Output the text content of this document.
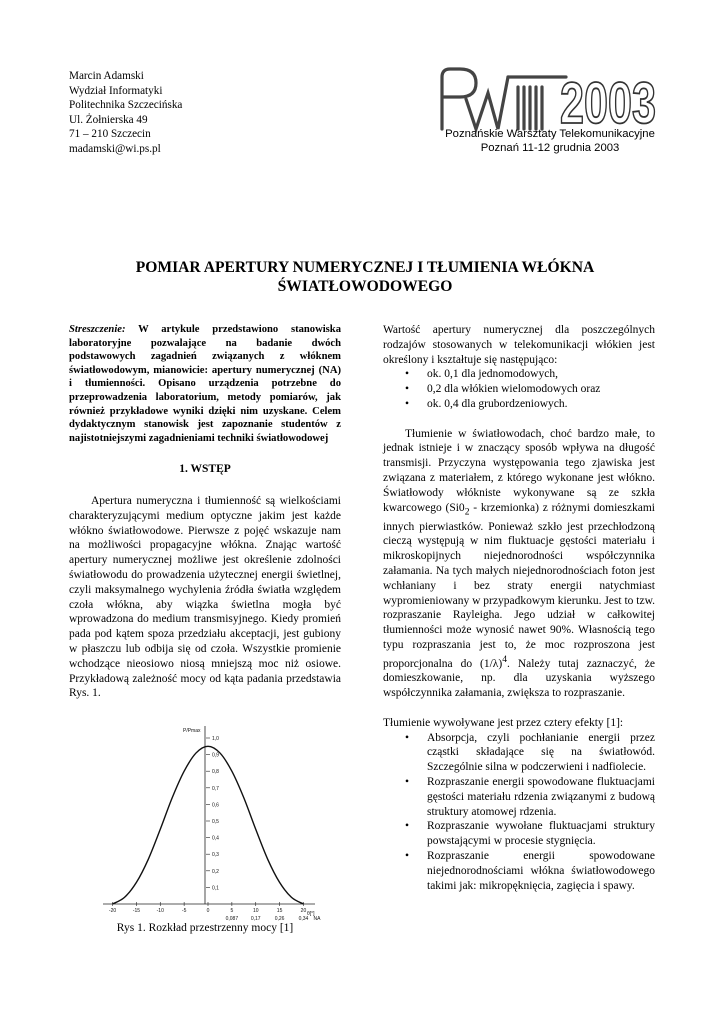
Marcin Adamski
Wydział Informatyki
Politechnika Szczecińska
Ul. Żołnierska 49
71 – 210 Szczecin
madamski@wi.ps.pl
2003
Poznańskie Warsztaty Telekomunikacyjne
Poznań 11-12 grudnia 2003
POMIAR APERTURY NUMERYCZNEJ I TŁUMIENIA WŁÓKNA
ŚWIATŁOWODOWEGO
Streszczenie: W artykule przedstawiono stanowiska laboratoryjne pozwalające na badanie dwóch podstawowych zagadnień związanych z włóknem światłowodowym, mianowicie: apertury numerycznej (NA) i tłumienności. Opisano urządzenia potrzebne do przeprowadzenia laboratorium, metody pomiarów, jak również przykładowe wyniki dzięki nim uzyskane. Celem dydaktycznym stanowisk jest zapoznanie studentów z najistotniejszymi zagadnieniami techniki światłowodowej
1. WSTĘP
Apertura numeryczna i tłumienność są wielkościami charakteryzującymi medium optyczne jakim jest każde włókno światłowodowe. Pierwsze z pojęć wskazuje nam na możliwości propagacyjne włókna. Znając wartość apertury numerycznej możliwe jest określenie zdolności światłowodu do prowadzenia użytecznej energii świetlnej, czyli maksymalnego wychylenia źródła światła względem czoła włókna, aby wiązka świetlna mogła być wprowadzona do medium transmisyjnego. Kiedy promień pada pod kątem spoza przedziału akceptacji, jest gubiony w płaszczu lub odbija się od czoła. Wszystkie promienie wchodzące nieosiowo niosą mniejszą moc niż osiowe. Przykładową zależność mocy od kąta padania przedstawia Rys. 1.
1,0
0,9
0,8
0,7
0,6
0,5
0,4
0,3
0,2
0,1
-20	-15	-10	-5	0	5	10	15	20
0,087	0,17	0,26	0,34 NA
P/Pmax
θ[°]
Rys 1. Rozkład przestrzenny mocy [1]

Wartość apertury numerycznej dla poszczególnych rodzajów stosowanych w telekomunikacji włókien jest określony i kształtuje się następująco:

• ok. 0,1 dla jednomodowych,
• 0,2 dla włókien wielomodowych oraz
• ok. 0,4 dla grubordzeniowych.

Tłumienie w światłowodach, choć bardzo małe, to jednak istnieje i w znaczący sposób wpływa na długość transmisji. Przyczyna występowania tego zjawiska jest związana z materiałem, z którego wykonane jest włókno. Światłowody włókniste wykonywane są ze szkła kwarcowego ($Si0_2$ - krzemionka) z różnymi domieszkami innych pierwiastków. Ponieważ szkło jest przechłodzoną cieczą występują w nim fluktuacje gęstości materiału i mikroskopijnych niejednorodności współczynnika załamania. Na tych małych niejednorodnościach foton jest wchłaniany i bez straty energii natychmiast wypromieniowany w przypadkowym kierunku. Jest to tzw. rozpraszanie Rayleigha. Jego udział w całkowitej tłumienności może wynosić nawet 90%. Własnością tego typu rozpraszania jest to, że moc rozproszona jest proporcjonalna do $(1/\lambda)^4$. Należy tutaj zaznaczyć, że domieszkowanie, np. dla uzyskania wyższego współczynnika załamania, zwiększa to rozpraszanie.

Tłumienie wywoływane jest przez cztery efekty [1]:

• Absorpcja, czyli pochłanianie energii przez cząstki składające się na światłowód. Szczególnie silna w podczerwieni i nadfiolecie.
• Rozpraszanie energii spowodowane fluktuacjami gęstości materiału rdzenia związanymi z budową struktury atomowej rdzenia.
• Rozpraszanie wywołane fluktuacjami struktury powstającymi w procesie stygnięcia.
• Rozpraszanie energii spowodowane niejednorodnościami włókna światłowodowego takimi jak: mikropęknięcia, zagięcia i spawy.
